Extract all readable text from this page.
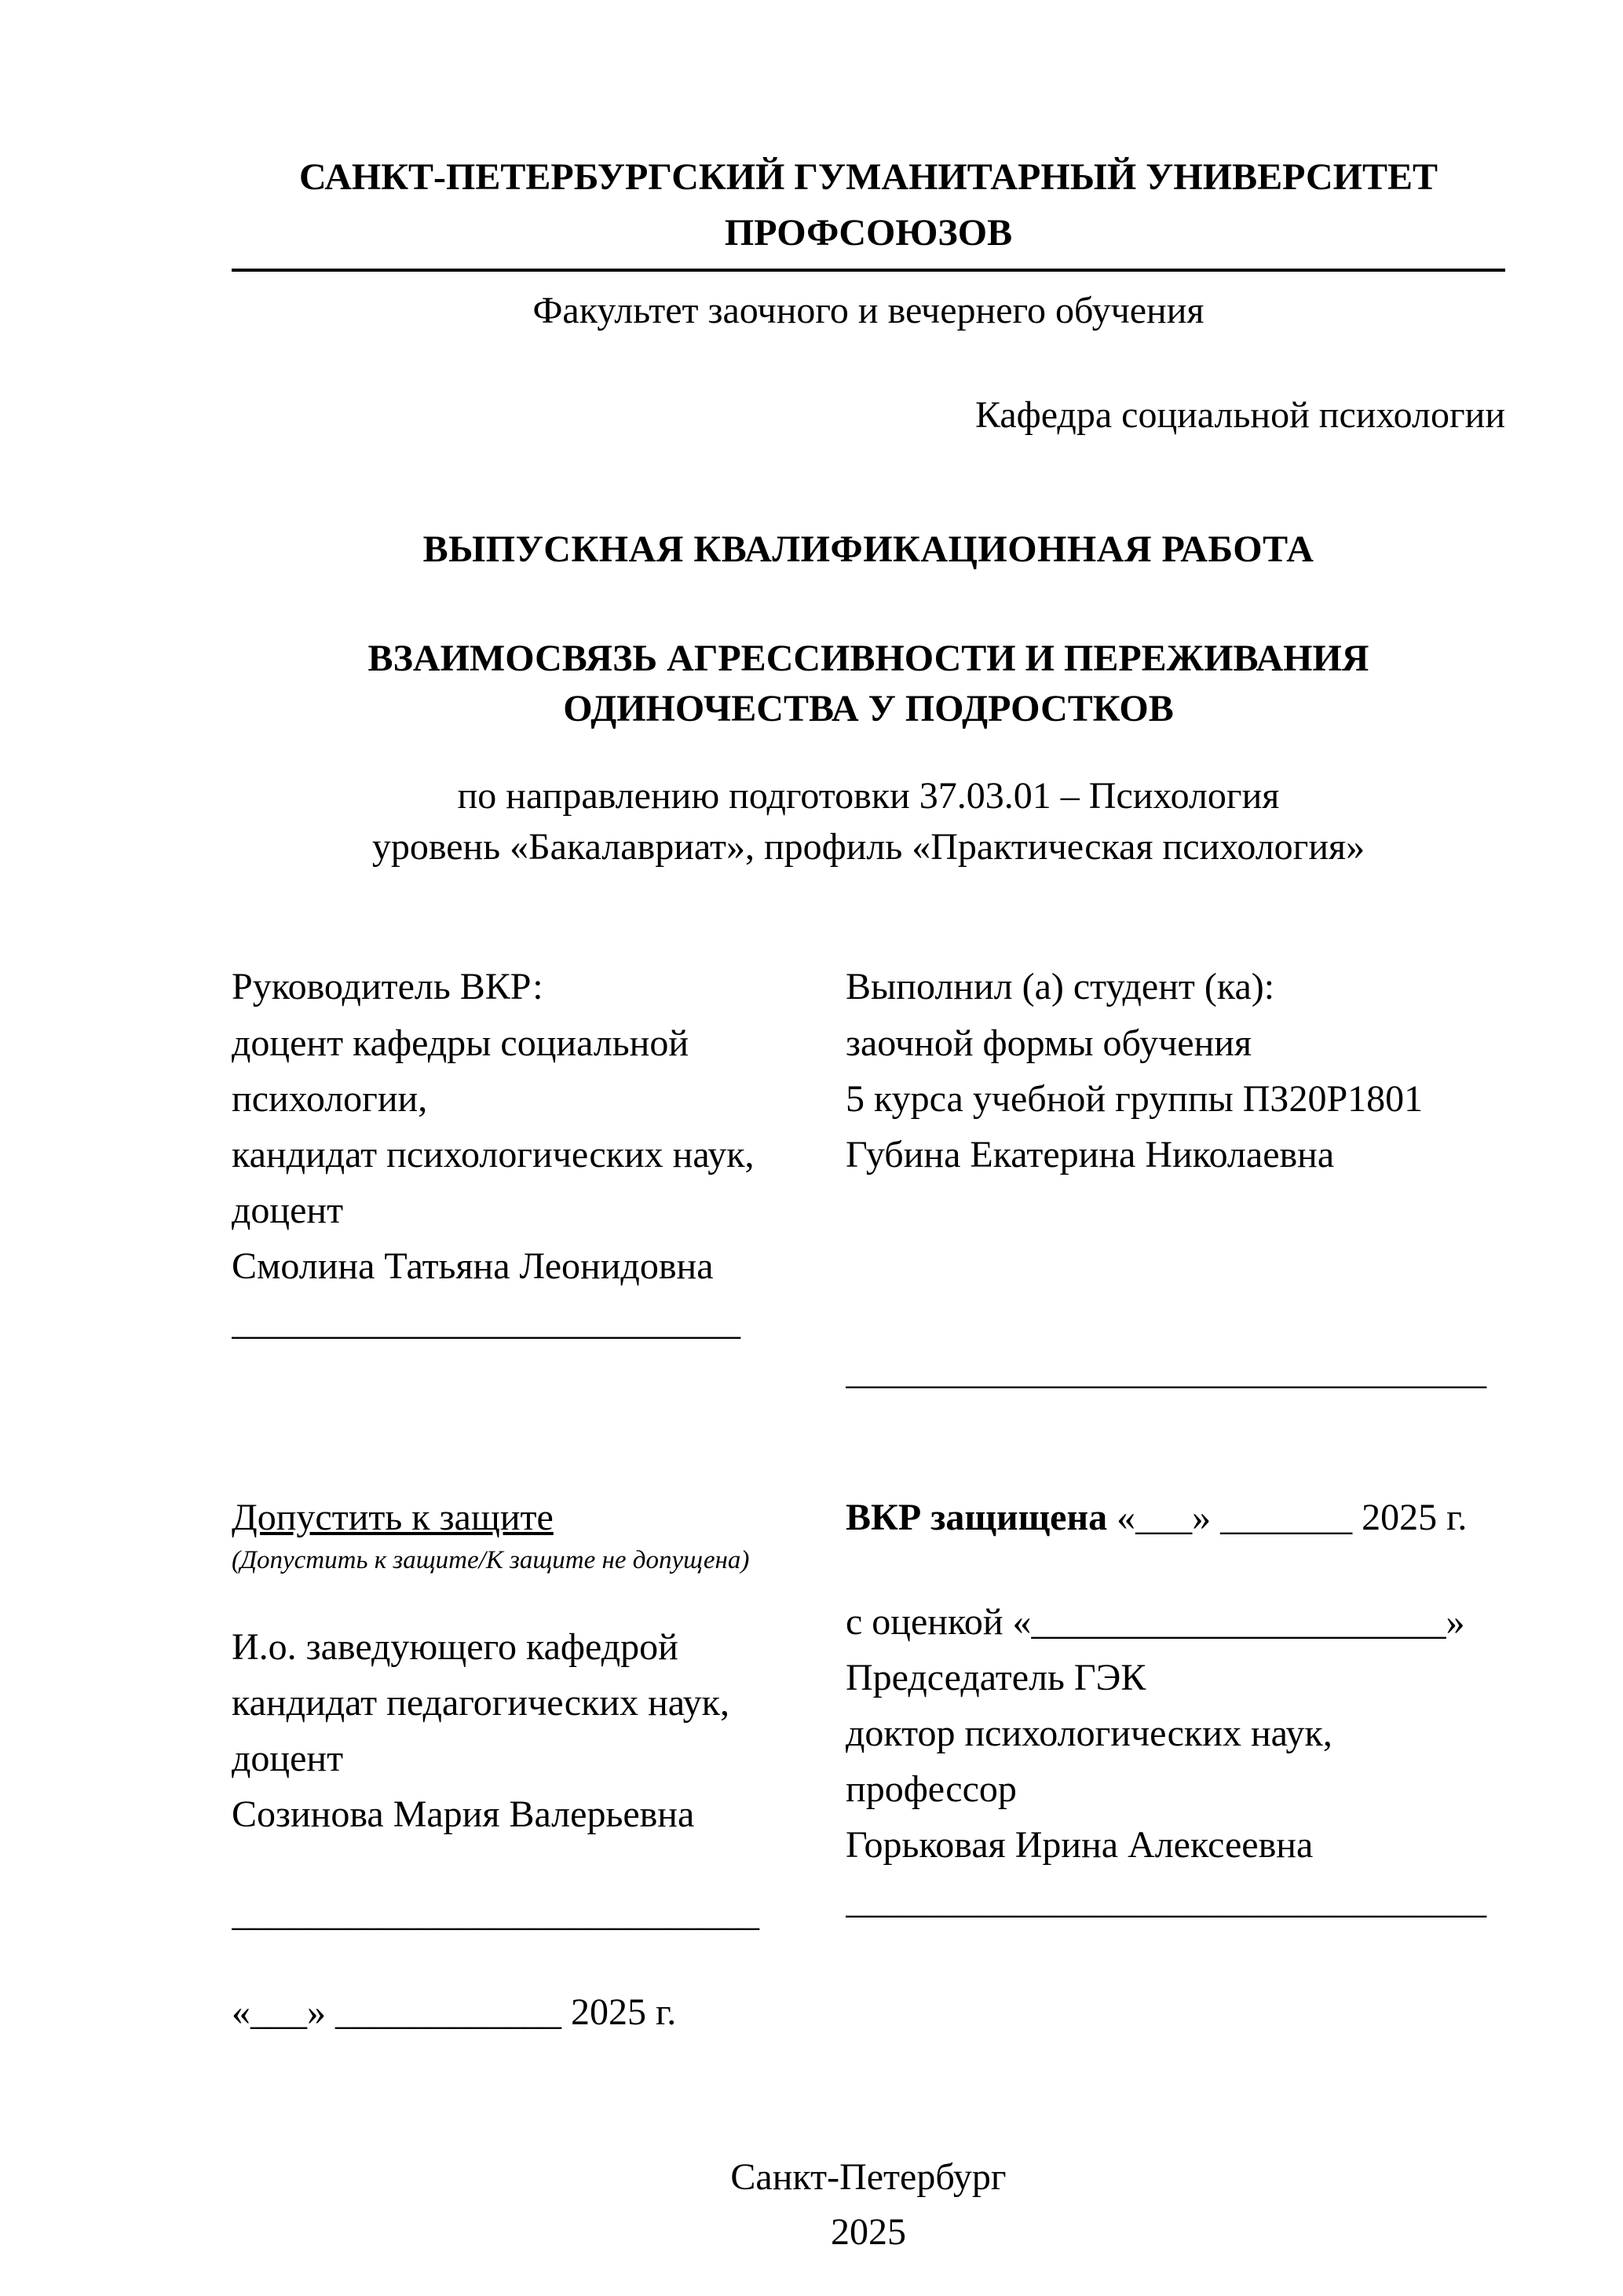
САНКТ-ПЕТЕРБУРГСКИЙ ГУМАНИТАРНЫЙ УНИВЕРСИТЕТ ПРОФСОЮЗОВ
Факультет заочного и вечернего обучения
Кафедра социальной психологии
ВЫПУСКНАЯ КВАЛИФИКАЦИОННАЯ РАБОТА
ВЗАИМОСВЯЗЬ АГРЕССИВНОСТИ И ПЕРЕЖИВАНИЯ
ОДИНОЧЕСТВА У ПОДРОСТКОВ
по направлению подготовки 37.03.01 – Психология
уровень «Бакалавриат», профиль «Практическая психология»
Руководитель ВКР:
доцент кафедры социальной
психологии,
кандидат психологических наук,
доцент
Смолина Татьяна Леонидовна
___________________________
Выполнил (а) студент (ка):
заочной формы обучения
5 курса учебной группы ПЗ20Р1801
Губина Екатерина Николаевна
__________________________________
Допустить к защите
(Допустить к защите/К защите не допущена)
И.о. заведующего кафедрой
кандидат педагогических наук,
доцент
Созинова Мария Валерьевна
____________________________
«___» ____________ 2025 г.
ВКР защищена «___» _______ 2025 г.
с оценкой «______________________»
Председатель ГЭК
доктор психологических наук,
профессор
Горьковая Ирина Алексеевна
__________________________________
Санкт-Петербург
2025
